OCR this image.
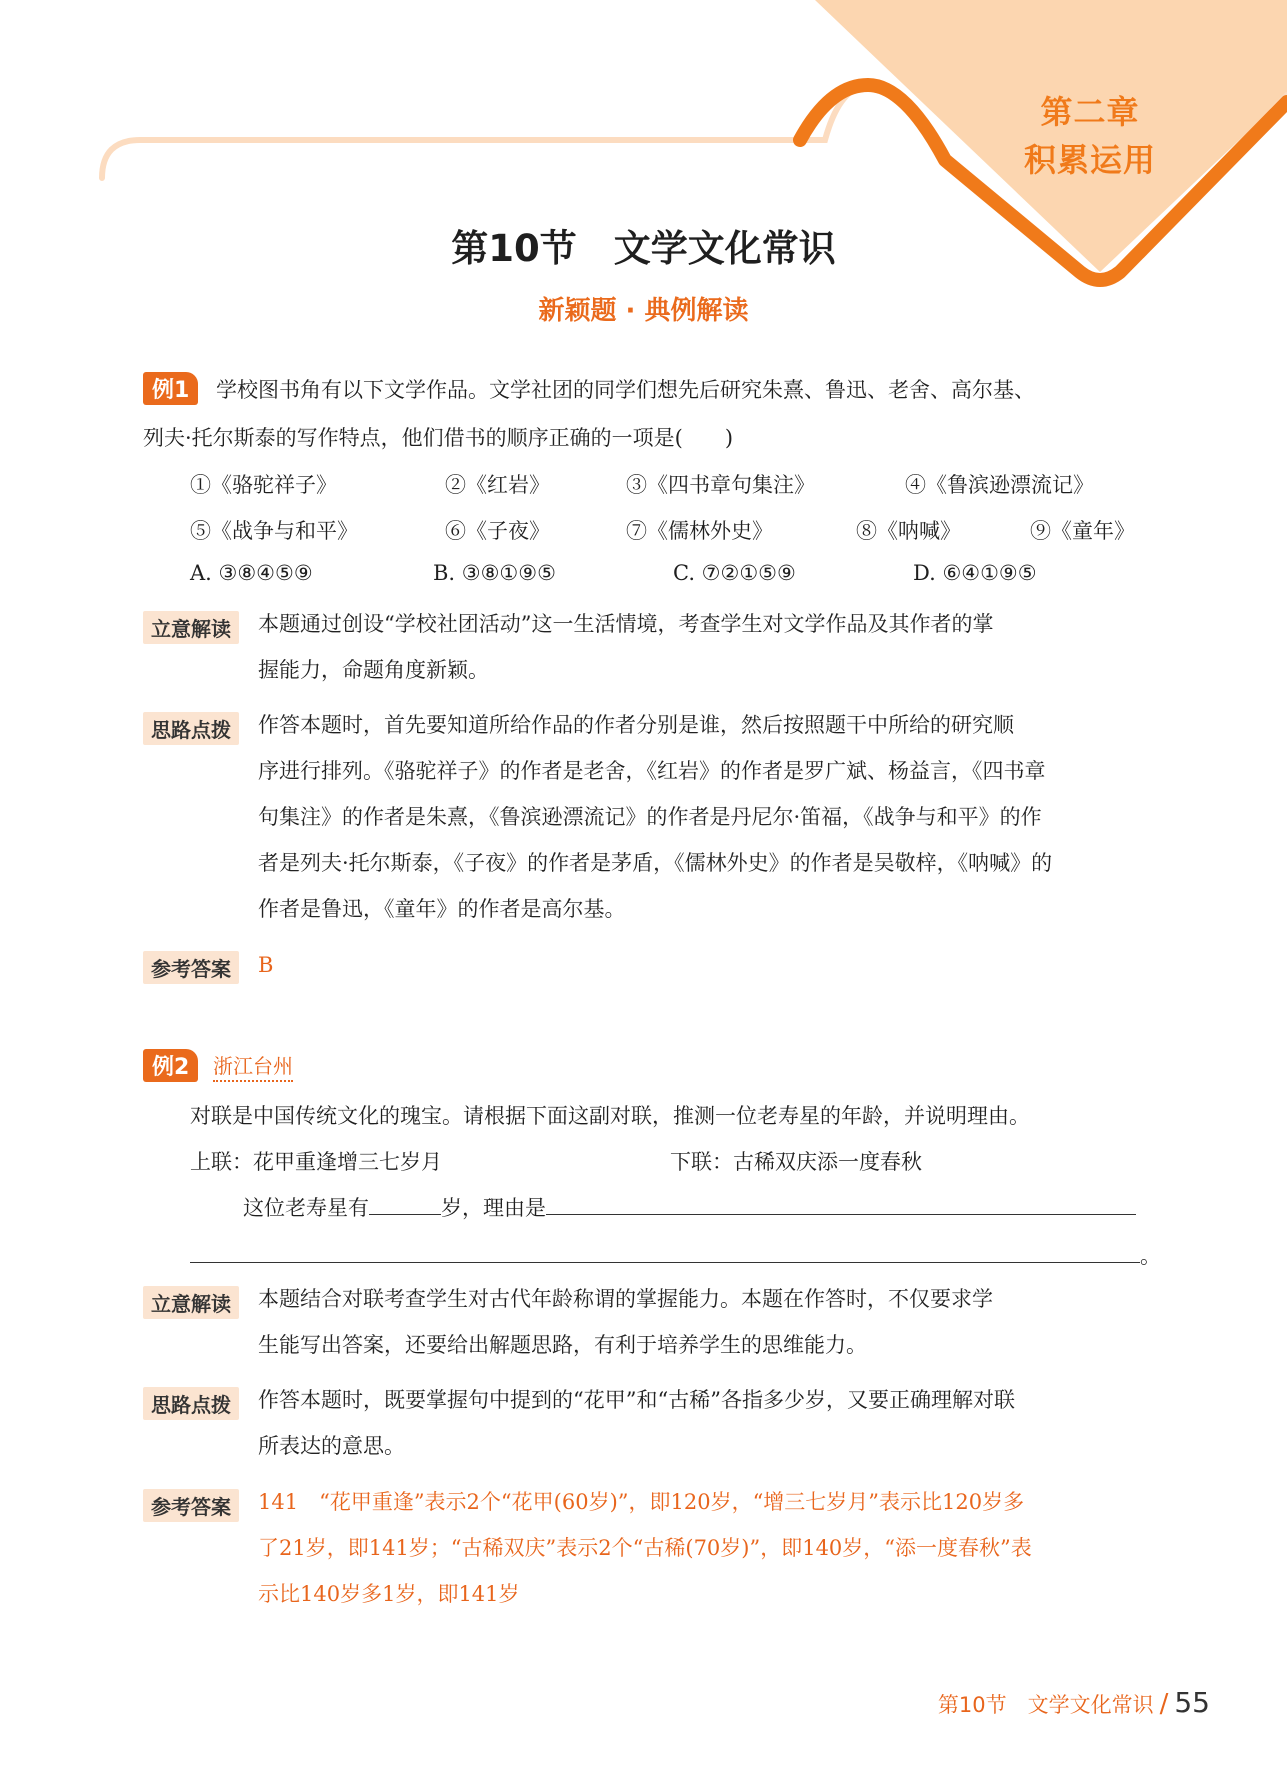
第二章
积累运用
第10节　文学文化常识
新颖题 · 典例解读
例1	学校图书角有以下文学作品。文学社团的同学们想先后研究朱熹、鲁迅、老舍、高尔基、
列夫·托尔斯泰的写作特点，他们借书的顺序正确的一项是(　　)
①《骆驼祥子》	②《红岩》	③《四书章句集注》	④《鲁滨逊漂流记》
⑤《战争与和平》	⑥《子夜》	⑦《儒林外史》	⑧《呐喊》	⑨《童年》
A. ③⑧④⑤⑨	B. ③⑧①⑨⑤	C. ⑦②①⑤⑨	D. ⑥④①⑨⑤
立意解读	本题通过创设“学校社团活动”这一生活情境，考查学生对文学作品及其作者的掌
握能力，命题角度新颖。
思路点拨	作答本题时，首先要知道所给作品的作者分别是谁，然后按照题干中所给的研究顺
序进行排列。《骆驼祥子》的作者是老舍，《红岩》的作者是罗广斌、杨益言，《四书章
句集注》的作者是朱熹，《鲁滨逊漂流记》的作者是丹尼尔·笛福，《战争与和平》的作
者是列夫·托尔斯泰，《子夜》的作者是茅盾，《儒林外史》的作者是吴敬梓，《呐喊》的
作者是鲁迅，《童年》的作者是高尔基。
参考答案	B
例2	浙江台州
对联是中国传统文化的瑰宝。请根据下面这副对联，推测一位老寿星的年龄，并说明理由。
上联：花甲重逢增三七岁月	下联：古稀双庆添一度春秋
这位老寿星有	岁，理由是
。
立意解读	本题结合对联考查学生对古代年龄称谓的掌握能力。本题在作答时，不仅要求学
生能写出答案，还要给出解题思路，有利于培养学生的思维能力。
思路点拨	作答本题时，既要掌握句中提到的“花甲”和“古稀”各指多少岁，又要正确理解对联
所表达的意思。
参考答案	141　“花甲重逢”表示2个“花甲(60岁)”，即120岁，“增三七岁月”表示比120岁多
了21岁，即141岁；“古稀双庆”表示2个“古稀(70岁)”，即140岁，“添一度春秋”表
示比140岁多1岁，即141岁
第10节　文学文化常识 / 55
